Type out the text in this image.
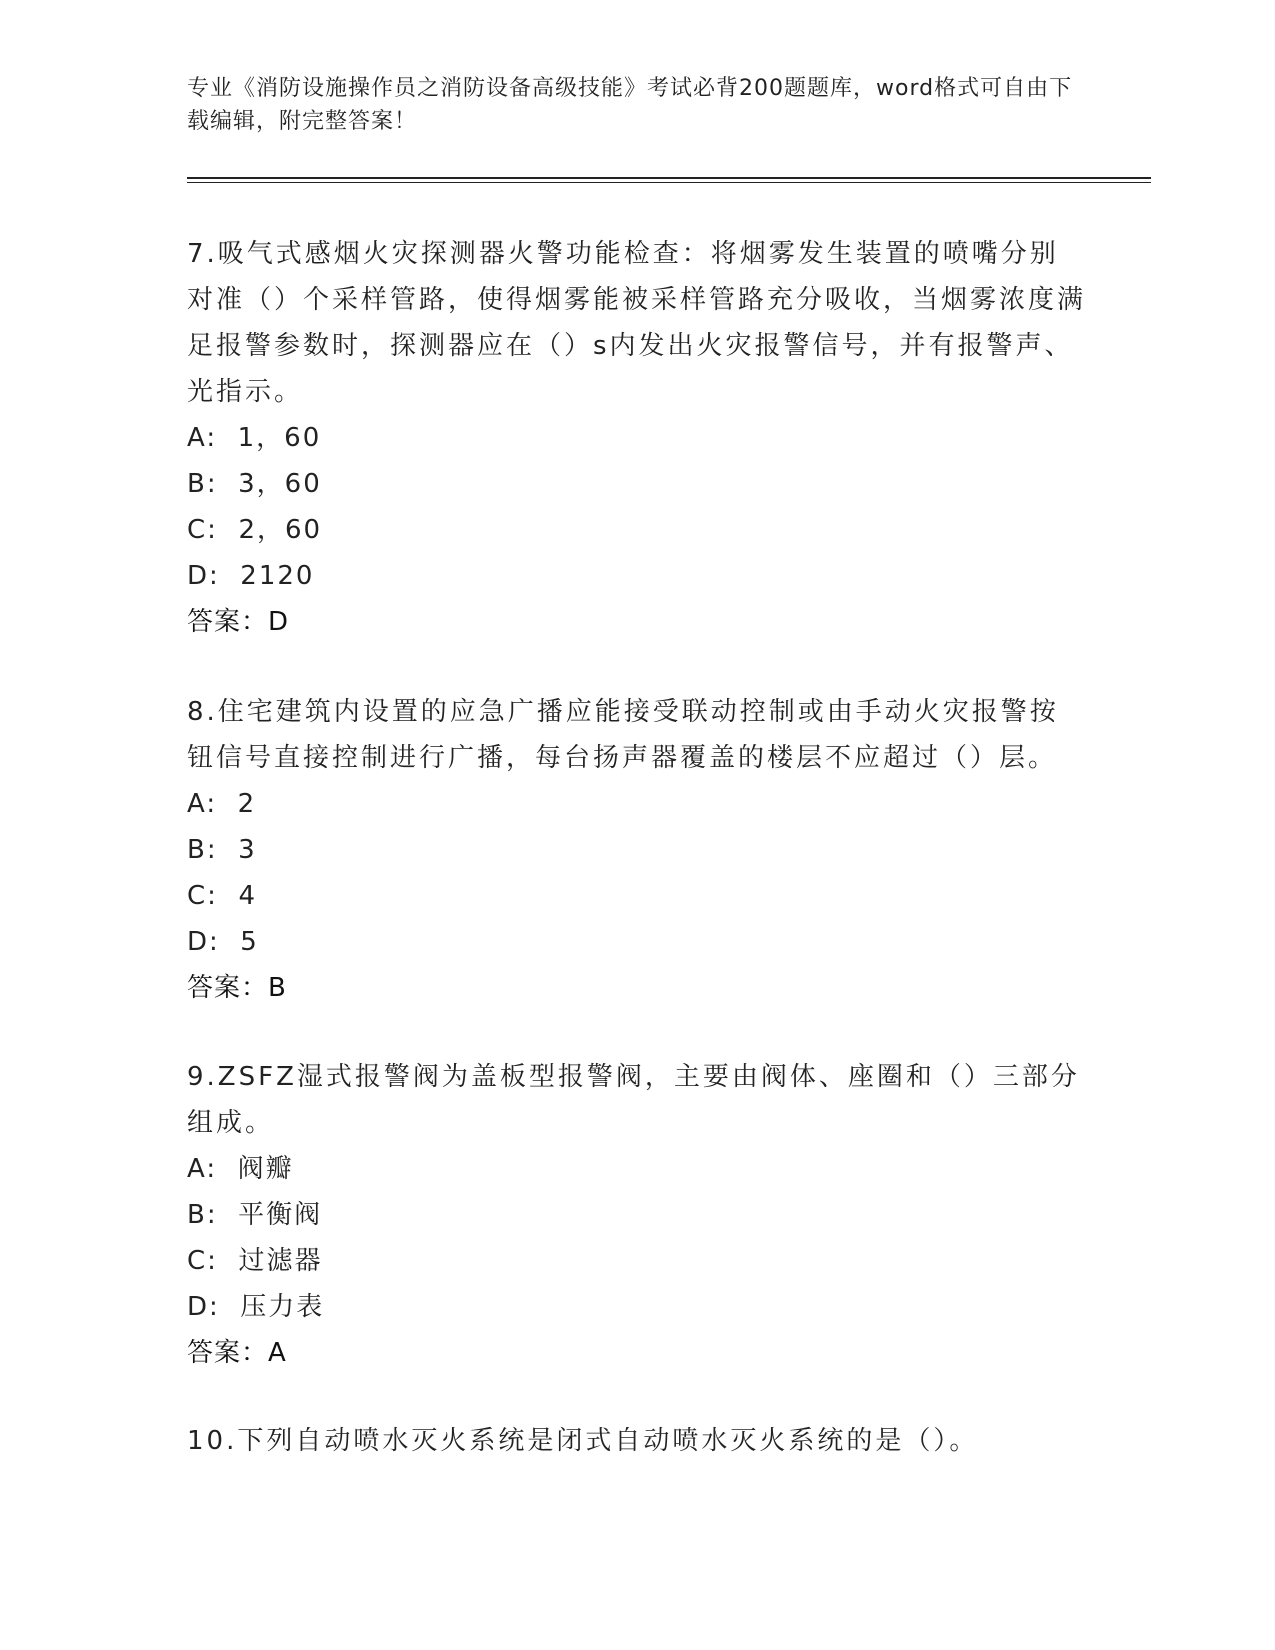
专业《消防设施操作员之消防设备高级技能》考试必背200题题库，word格式可自由下载编辑，附完整答案！

7.吸气式感烟火灾探测器火警功能检查：将烟雾发生装置的喷嘴分别对准（）个采样管路，使得烟雾能被采样管路充分吸收，当烟雾浓度满足报警参数时，探测器应在（）s内发出火灾报警信号，并有报警声、光指示。

A:  1，60

B:  3，60

C:  2，60

D:  2120

答案：D

8.住宅建筑内设置的应急广播应能接受联动控制或由手动火灾报警按钮信号直接控制进行广播，每台扬声器覆盖的楼层不应超过（）层。

A:  2

B:  3

C:  4

D:  5

答案：B

9.ZSFZ湿式报警阀为盖板型报警阀，主要由阀体、座圈和（）三部分组成。

A:  阀瓣

B:  平衡阀

C:  过滤器

D:  压力表

答案：A

10.下列自动喷水灭火系统是闭式自动喷水灭火系统的是（）。
